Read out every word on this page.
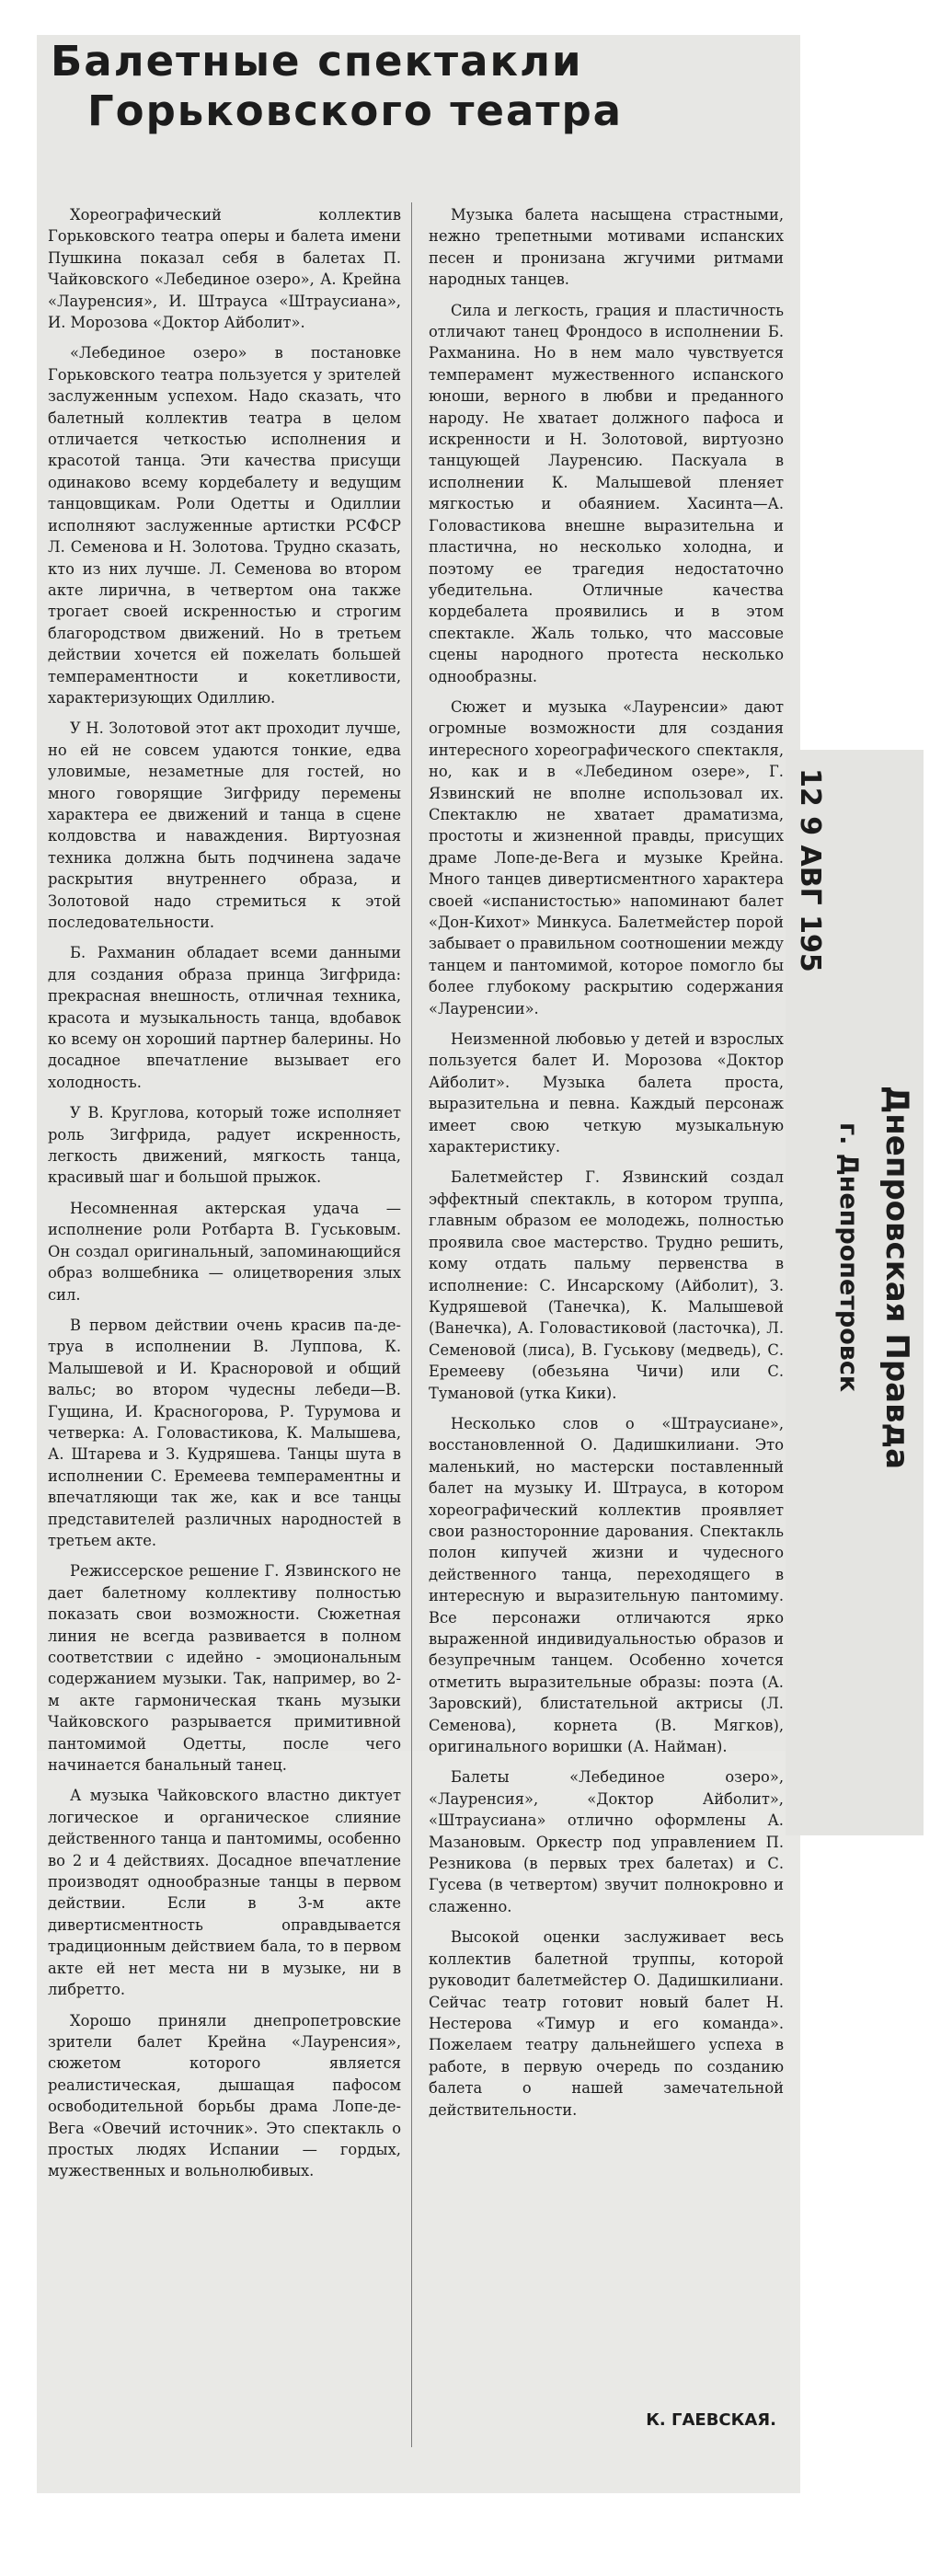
Балетные спектакли
Горьковского театра

Хореографический коллектив Горьковского театра оперы и балета имени Пушкина показал себя в балетах П. Чайковского «Лебединое озеро», А. Крейна «Лауренсия», И. Штрауса «Штраусиана», И. Морозова «Доктор Айболит».

«Лебединое озеро» в постановке Горьковского театра пользуется у зрителей заслуженным успехом. Надо сказать, что балетный коллектив театра в целом отличается четкостью исполнения и красотой танца. Эти качества присущи одинаково всему кордебалету и ведущим танцовщикам. Роли Одетты и Одиллии исполняют заслуженные артистки РСФСР Л. Семенова и Н. Золотова. Трудно сказать, кто из них лучше. Л. Семенова во втором акте лирична, в четвертом она также трогает своей искренностью и строгим благородством движений. Но в третьем действии хочется ей пожелать большей темпераментности и кокетливости, характеризующих Одиллию.

У Н. Золотовой этот акт проходит лучше, но ей не совсем удаются тонкие, едва уловимые, незаметные для гостей, но много говорящие Зигфриду перемены характера ее движений и танца в сцене колдовства и наваждения. Виртуозная техника должна быть подчинена задаче раскрытия внутреннего образа, и Золотовой надо стремиться к этой последовательности.

Б. Рахманин обладает всеми данными для создания образа принца Зигфрида: прекрасная внешность, отличная техника, красота и музыкальность танца, вдобавок ко всему он хороший партнер балерины. Но досадное впечатление вызывает его холодность.

У В. Круглова, который тоже исполняет роль Зигфрида, радует искренность, легкость движений, мягкость танца, красивый шаг и большой прыжок.

Несомненная актерская удача — исполнение роли Ротбарта В. Гуськовым. Он создал оригинальный, запоминающийся образ волшебника — олицетворения злых сил.

В первом действии очень красив па-де-труа в исполнении В. Лупповa, К. Малышевой и И. Красноровой и общий вальс; во втором чудесны лебеди—В. Гущина, И. Красногорова, Р. Турумова и четверка: А. Головастикова, К. Малышева, А. Штарева и З. Кудряшева. Танцы шута в исполнении С. Еремеева темпераментны и впечатляющи так же, как и все танцы представителей различных народностей в третьем акте.

Режиссерское решение Г. Язвинского не дает балетному коллективу полностью показать свои возможности. Сюжетная линия не всегда развивается в полном соответствии с идейно - эмоциональным содержанием музыки. Так, например, во 2-м акте гармоническая ткань музыки Чайковского разрывается примитивной пантомимой Одетты, после чего начинается банальный танец.

А музыка Чайковского властно диктует логическое и органическое слияние действенного танца и пантомимы, особенно во 2 и 4 действиях. Досадное впечатление производят однообразные танцы в первом действии. Если в 3-м акте дивертисментность оправдывается традиционным действием бала, то в первом акте ей нет места ни в музыке, ни в либретто.

Хорошо приняли днепропетровские зрители балет Крейна «Лауренсия», сюжетом которого является реалистическая, дышащая пафосом освободительной борьбы драма Лопе-де-Вега «Овечий источник». Это спектакль о простых людях Испании — гордых, мужественных и вольнолюбивых.

Музыка балета насыщена страстными, нежно трепетными мотивами испанских песен и пронизана жгучими ритмами народных танцев.

Сила и легкость, грация и пластичность отличают танец Фрондосо в исполнении Б. Рахманина. Но в нем мало чувствуется темперамент мужественного испанского юноши, верного в любви и преданного народу. Не хватает должного пафоса и искренности и Н. Золотовой, виртуозно танцующей Лауренсию. Паскуала в исполнении К. Малышевой пленяет мягкостью и обаянием. Хасинта—А. Головастикова внешне выразительна и пластична, но несколько холодна, и поэтому ее трагедия недостаточно убедительна. Отличные качества кордебалета проявились и в этом спектакле. Жаль только, что массовые сцены народного протеста несколько однообразны.

Сюжет и музыка «Лауренсии» дают огромные возможности для создания интересного хореографического спектакля, но, как и в «Лебедином озере», Г. Язвинский не вполне использовал их. Спектаклю не хватает драматизма, простоты и жизненной правды, присущих драме Лопе-де-Вега и музыке Крейна. Много танцев дивертисментного характера своей «испанистостью» напоминают балет «Дон-Кихот» Минкуса. Балетмейстер порой забывает о правильном соотношении между танцем и пантомимой, которое помогло бы более глубокому раскрытию содержания «Лауренсии».

Неизменной любовью у детей и взрослых пользуется балет И. Морозова «Доктор Айболит». Музыка балета проста, выразительна и певна. Каждый персонаж имеет свою четкую музыкальную характеристику.

Балетмейстер Г. Язвинский создал эффектный спектакль, в котором труппа, главным образом ее молодежь, полностью проявила свое мастерство. Трудно решить, кому отдать пальму первенства в исполнение: С. Инсарскому (Айболит), З. Кудряшевой (Танечка), К. Малышевой (Ванечка), А. Головастиковой (ласточка), Л. Семеновой (лиса), В. Гуськову (медведь), С. Еремееву (обезьяна Чичи) или С. Тумановой (утка Кики).

Несколько слов о «Штраусиане», восстановленной О. Дадишкилиани. Это маленький, но мастерски поставленный балет на музыку И. Штрауса, в котором хореографический коллектив проявляет свои разносторонние дарования. Спектакль полон кипучей жизни и чудесного действенного танца, переходящего в интересную и выразительную пантомиму. Все персонажи отличаются ярко выраженной индивидуальностью образов и безупречным танцем. Особенно хочется отметить выразительные образы: поэта (А. Заровский), блистательной актрисы (Л. Семенова), корнета (В. Мягков), оригинального воришки (А. Найман).

Балеты «Лебединое озеро», «Лауренсия», «Доктор Айболит», «Штраусиана» отлично оформлены А. Мазановым. Оркестр под управлением П. Резникова (в первых трех балетах) и С. Гусева (в четвертом) звучит полнокровно и слаженно.

Высокой оценки заслуживает весь коллектив балетной труппы, которой руководит балетмейстер О. Дадишкилиани. Сейчас театр готовит новый балет Н. Нестерова «Тимур и его команда». Пожелаем театру дальнейшего успеха в работе, в первую очередь по созданию балета о нашей замечательной действительности.

К. ГАЕВСКАЯ.
12 9 АВГ 195
Днепровская Правда
г. Днепропетровск
